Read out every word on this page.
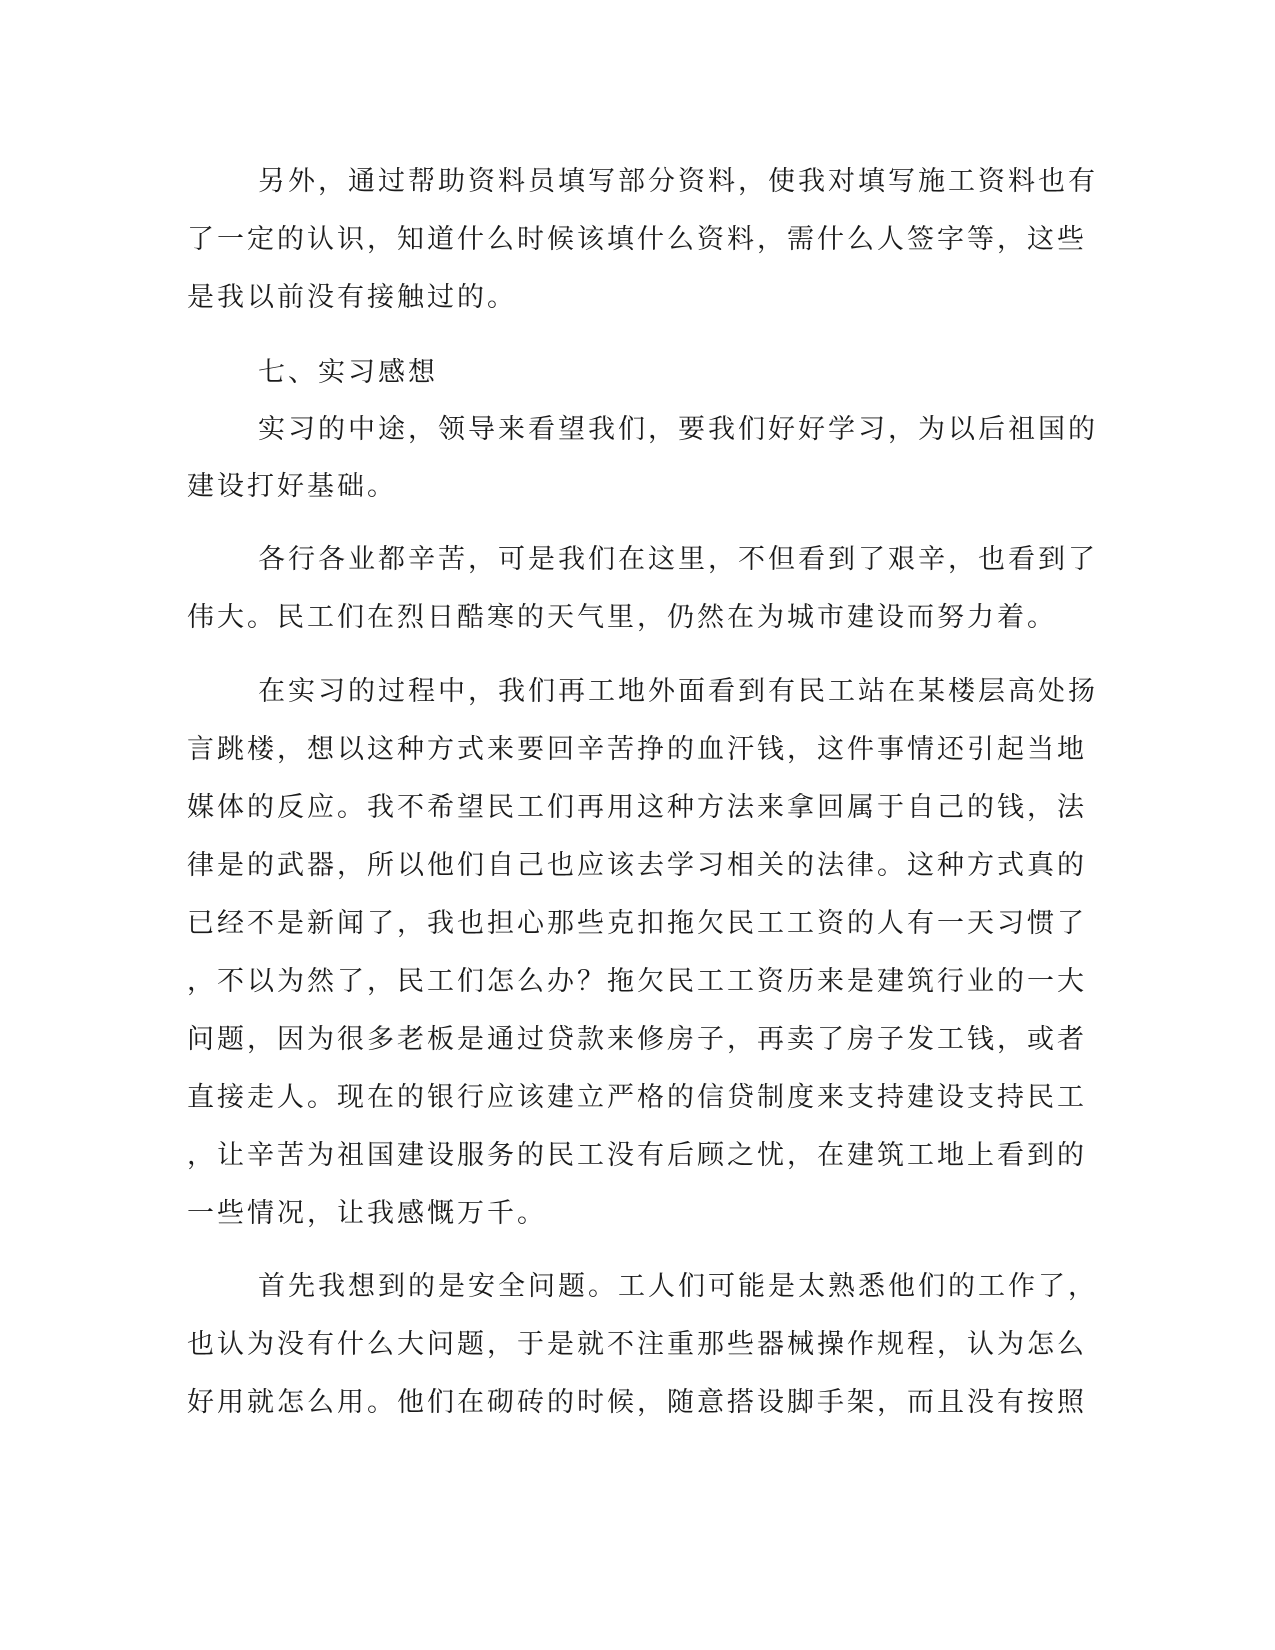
另外，通过帮助资料员填写部分资料，使我对填写施工资料也有
了一定的认识，知道什么时候该填什么资料，需什么人签字等，这些
是我以前没有接触过的。
七、实习感想
实习的中途，领导来看望我们，要我们好好学习，为以后祖国的
建设打好基础。
各行各业都辛苦，可是我们在这里，不但看到了艰辛，也看到了
伟大。民工们在烈日酷寒的天气里，仍然在为城市建设而努力着。
在实习的过程中，我们再工地外面看到有民工站在某楼层高处扬
言跳楼，想以这种方式来要回辛苦挣的血汗钱，这件事情还引起当地
媒体的反应。我不希望民工们再用这种方法来拿回属于自己的钱，法
律是的武器，所以他们自己也应该去学习相关的法律。这种方式真的
已经不是新闻了，我也担心那些克扣拖欠民工工资的人有一天习惯了
，不以为然了，民工们怎么办？拖欠民工工资历来是建筑行业的一大
问题，因为很多老板是通过贷款来修房子，再卖了房子发工钱，或者
直接走人。现在的银行应该建立严格的信贷制度来支持建设支持民工
，让辛苦为祖国建设服务的民工没有后顾之忧，在建筑工地上看到的
一些情况，让我感慨万千。
首先我想到的是安全问题。工人们可能是太熟悉他们的工作了，
也认为没有什么大问题，于是就不注重那些器械操作规程，认为怎么
好用就怎么用。他们在砌砖的时候，随意搭设脚手架，而且没有按照
